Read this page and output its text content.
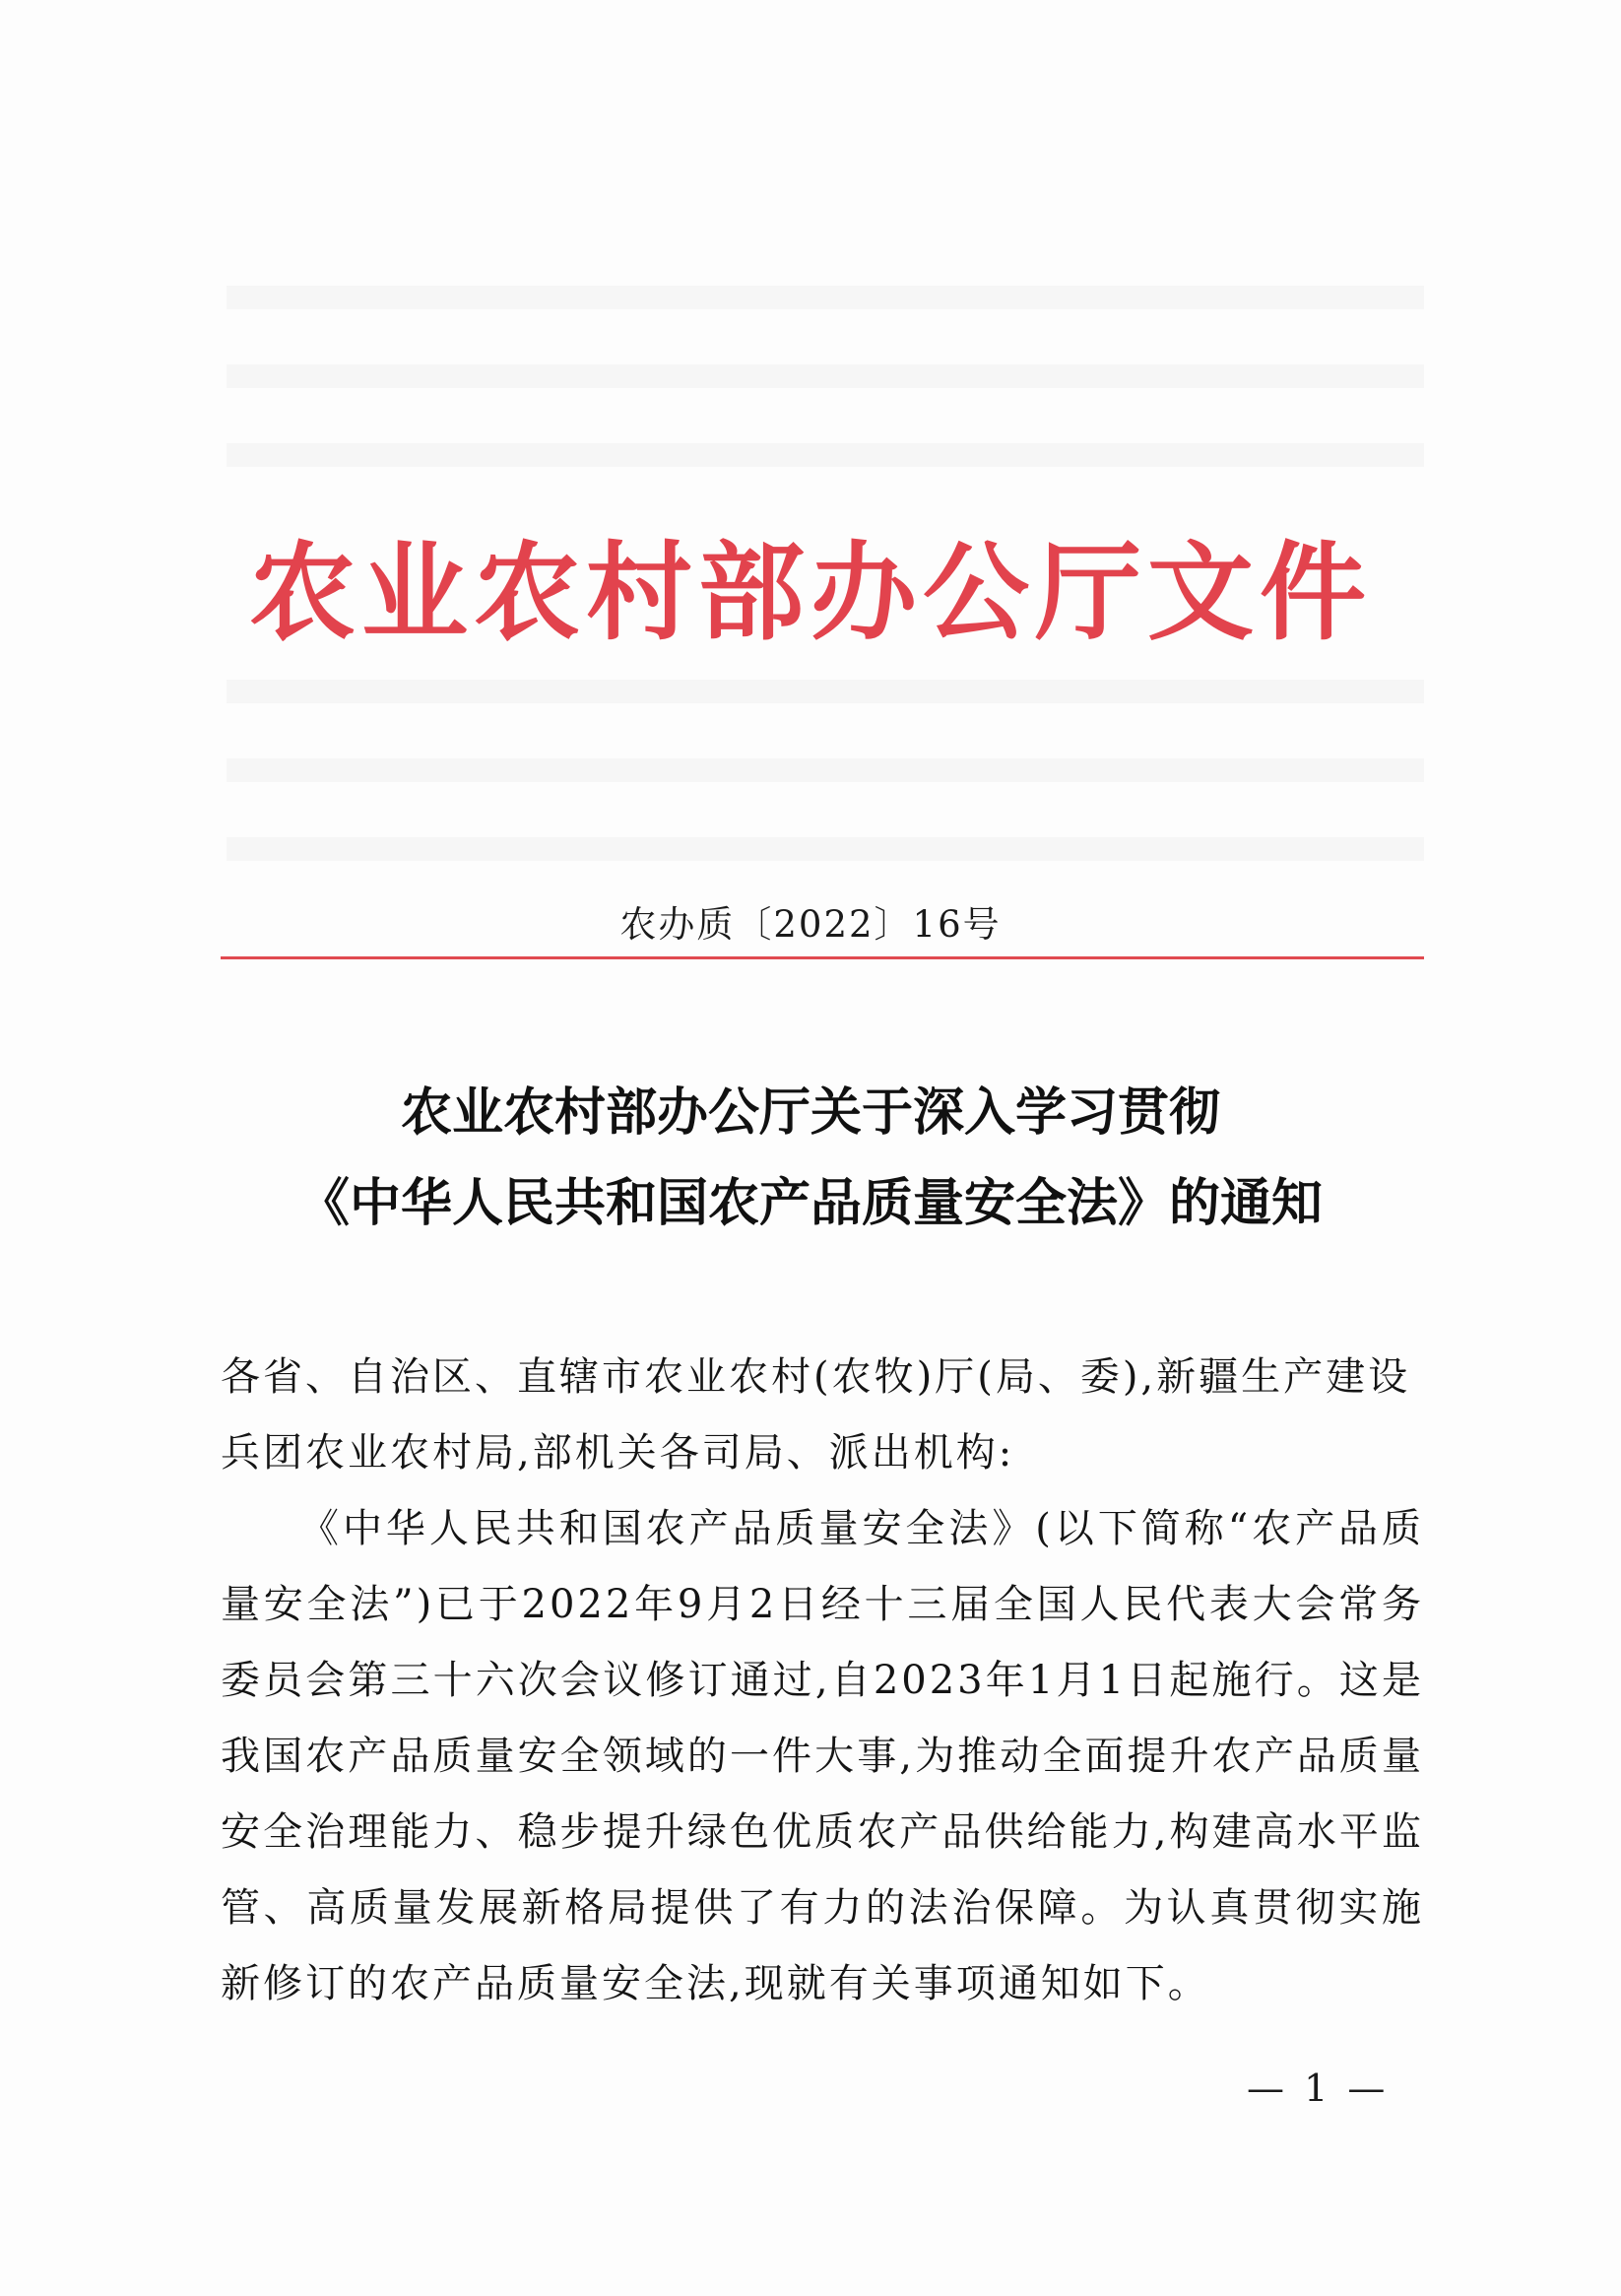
农业农村部办公厅文件
农办质〔2022〕16号
农业农村部办公厅关于深入学习贯彻
《中华人民共和国农产品质量安全法》的通知
各省、自治区、直辖市农业农村(农牧)厅(局、委),新疆生产建设兵团农业农村局,部机关各司局、派出机构:
《中华人民共和国农产品质量安全法》(以下简称“农产品质量安全法”)已于2022年9月2日经十三届全国人民代表大会常务委员会第三十六次会议修订通过,自2023年1月1日起施行。这是我国农产品质量安全领域的一件大事,为推动全面提升农产品质量安全治理能力、稳步提升绿色优质农产品供给能力,构建高水平监管、高质量发展新格局提供了有力的法治保障。为认真贯彻实施新修订的农产品质量安全法,现就有关事项通知如下。
— 1 —
